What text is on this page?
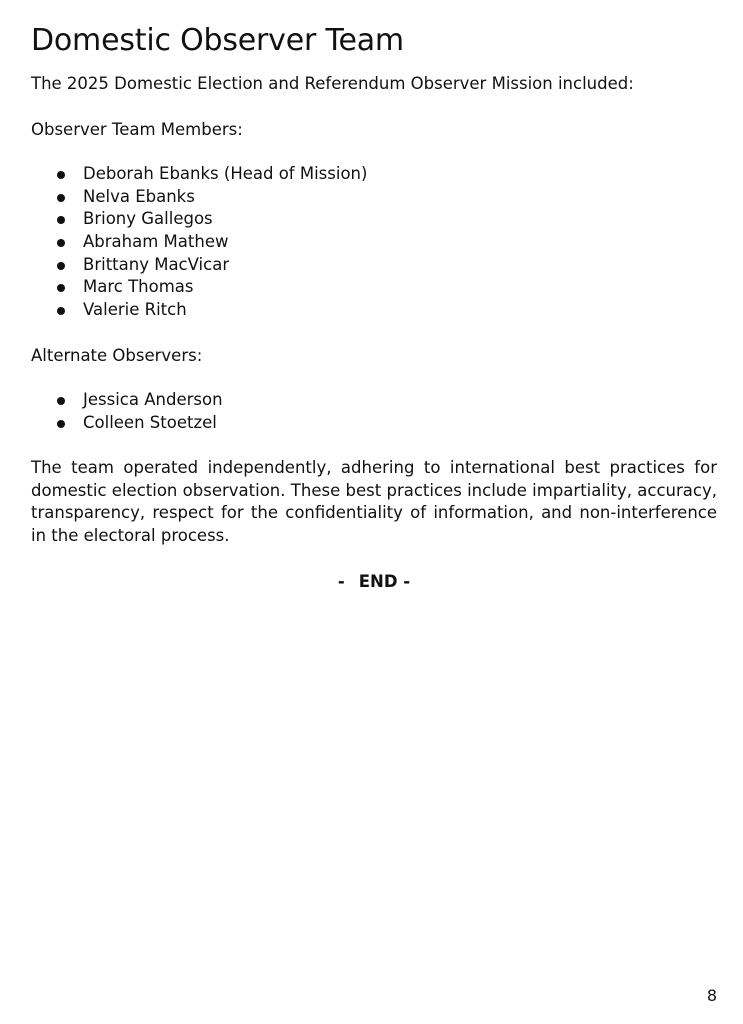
Domestic Observer Team

The 2025 Domestic Election and Referendum Observer Mission included:

Observer Team Members:

Deborah Ebanks (Head of Mission)
Nelva Ebanks
Briony Gallegos
Abraham Mathew
Brittany MacVicar
Marc Thomas
Valerie Ritch

Alternate Observers:

Jessica Anderson
Colleen Stoetzel

The team operated independently, adhering to international best practices for domestic election observation. These best practices include impartiality, accuracy, transparency, respect for the confidentiality of information, and non-interference in the electoral process.

- END -
8
